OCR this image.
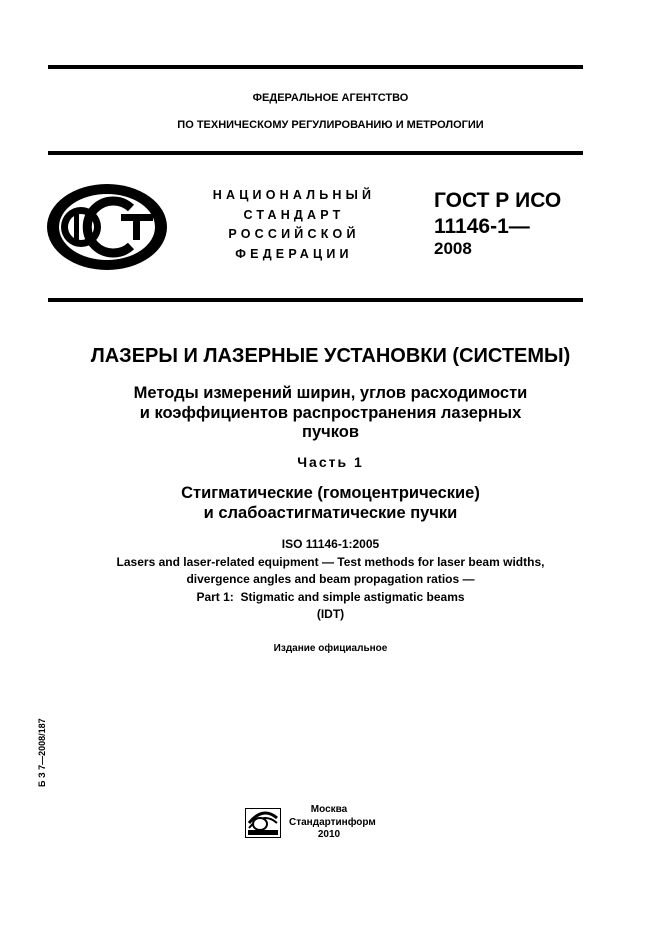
ФЕДЕРАЛЬНОЕ АГЕНТСТВО
ПО ТЕХНИЧЕСКОМУ РЕГУЛИРОВАНИЮ И МЕТРОЛОГИИ
НАЦИОНАЛЬНЫЙ
СТАНДАРТ
РОССИЙСКОЙ
ФЕДЕРАЦИИ
ГОСТ Р ИСО
11146-1—
2008
ЛАЗЕРЫ И ЛАЗЕРНЫЕ УСТАНОВКИ (СИСТЕМЫ)
Методы измерений ширин, углов расходимости
и коэффициентов распространения лазерных
пучков
Часть 1
Стигматические (гомоцентрические)
и слабоастигматические пучки
ISO 11146-1:2005
Lasers and laser-related equipment — Test methods for laser beam widths,
divergence angles and beam propagation ratios —
Part 1:  Stigmatic and simple astigmatic beams
(IDT)
Издание официальное
Б З 7—2008/187
Москва
Стандартинформ
2010
